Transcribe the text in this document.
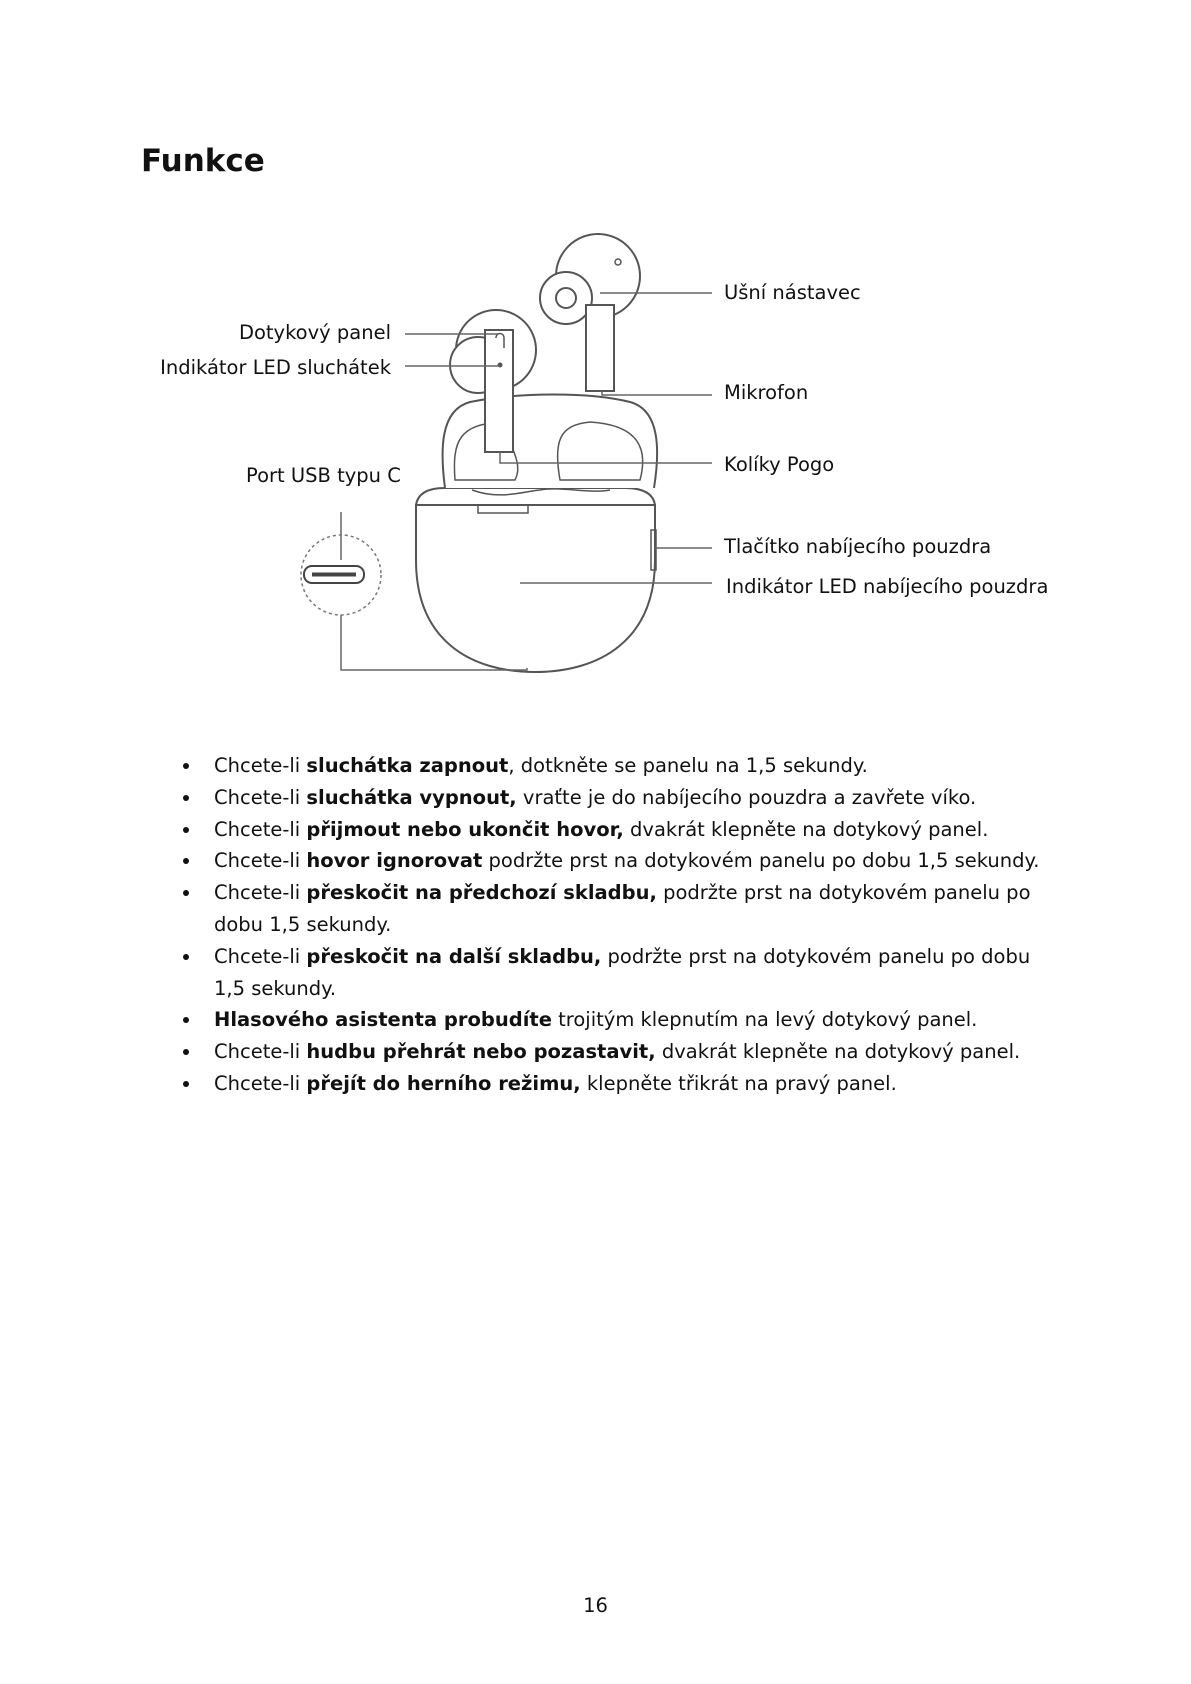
Funkce
Ušní nástavec
Dotykový panel
Indikátor LED sluchátek
Mikrofon
Kolíky Pogo
Port USB typu C
Tlačítko nabíjecího pouzdra
Indikátor LED nabíjecího pouzdra
Chcete-li sluchátka zapnout, dotkněte se panelu na 1,5 sekundy.
Chcete-li sluchátka vypnout, vraťte je do nabíjecího pouzdra a zavřete víko.
Chcete-li přijmout nebo ukončit hovor, dvakrát klepněte na dotykový panel.
Chcete-li hovor ignorovat podržte prst na dotykovém panelu po dobu 1,5 sekundy.
Chcete-li přeskočit na předchozí skladbu, podržte prst na dotykovém panelu po dobu 1,5 sekundy.
Chcete-li přeskočit na další skladbu, podržte prst na dotykovém panelu po dobu 1,5 sekundy.
Hlasového asistenta probudíte trojitým klepnutím na levý dotykový panel.
Chcete-li hudbu přehrát nebo pozastavit, dvakrát klepněte na dotykový panel.
Chcete-li přejít do herního režimu, klepněte třikrát na pravý panel.
16
